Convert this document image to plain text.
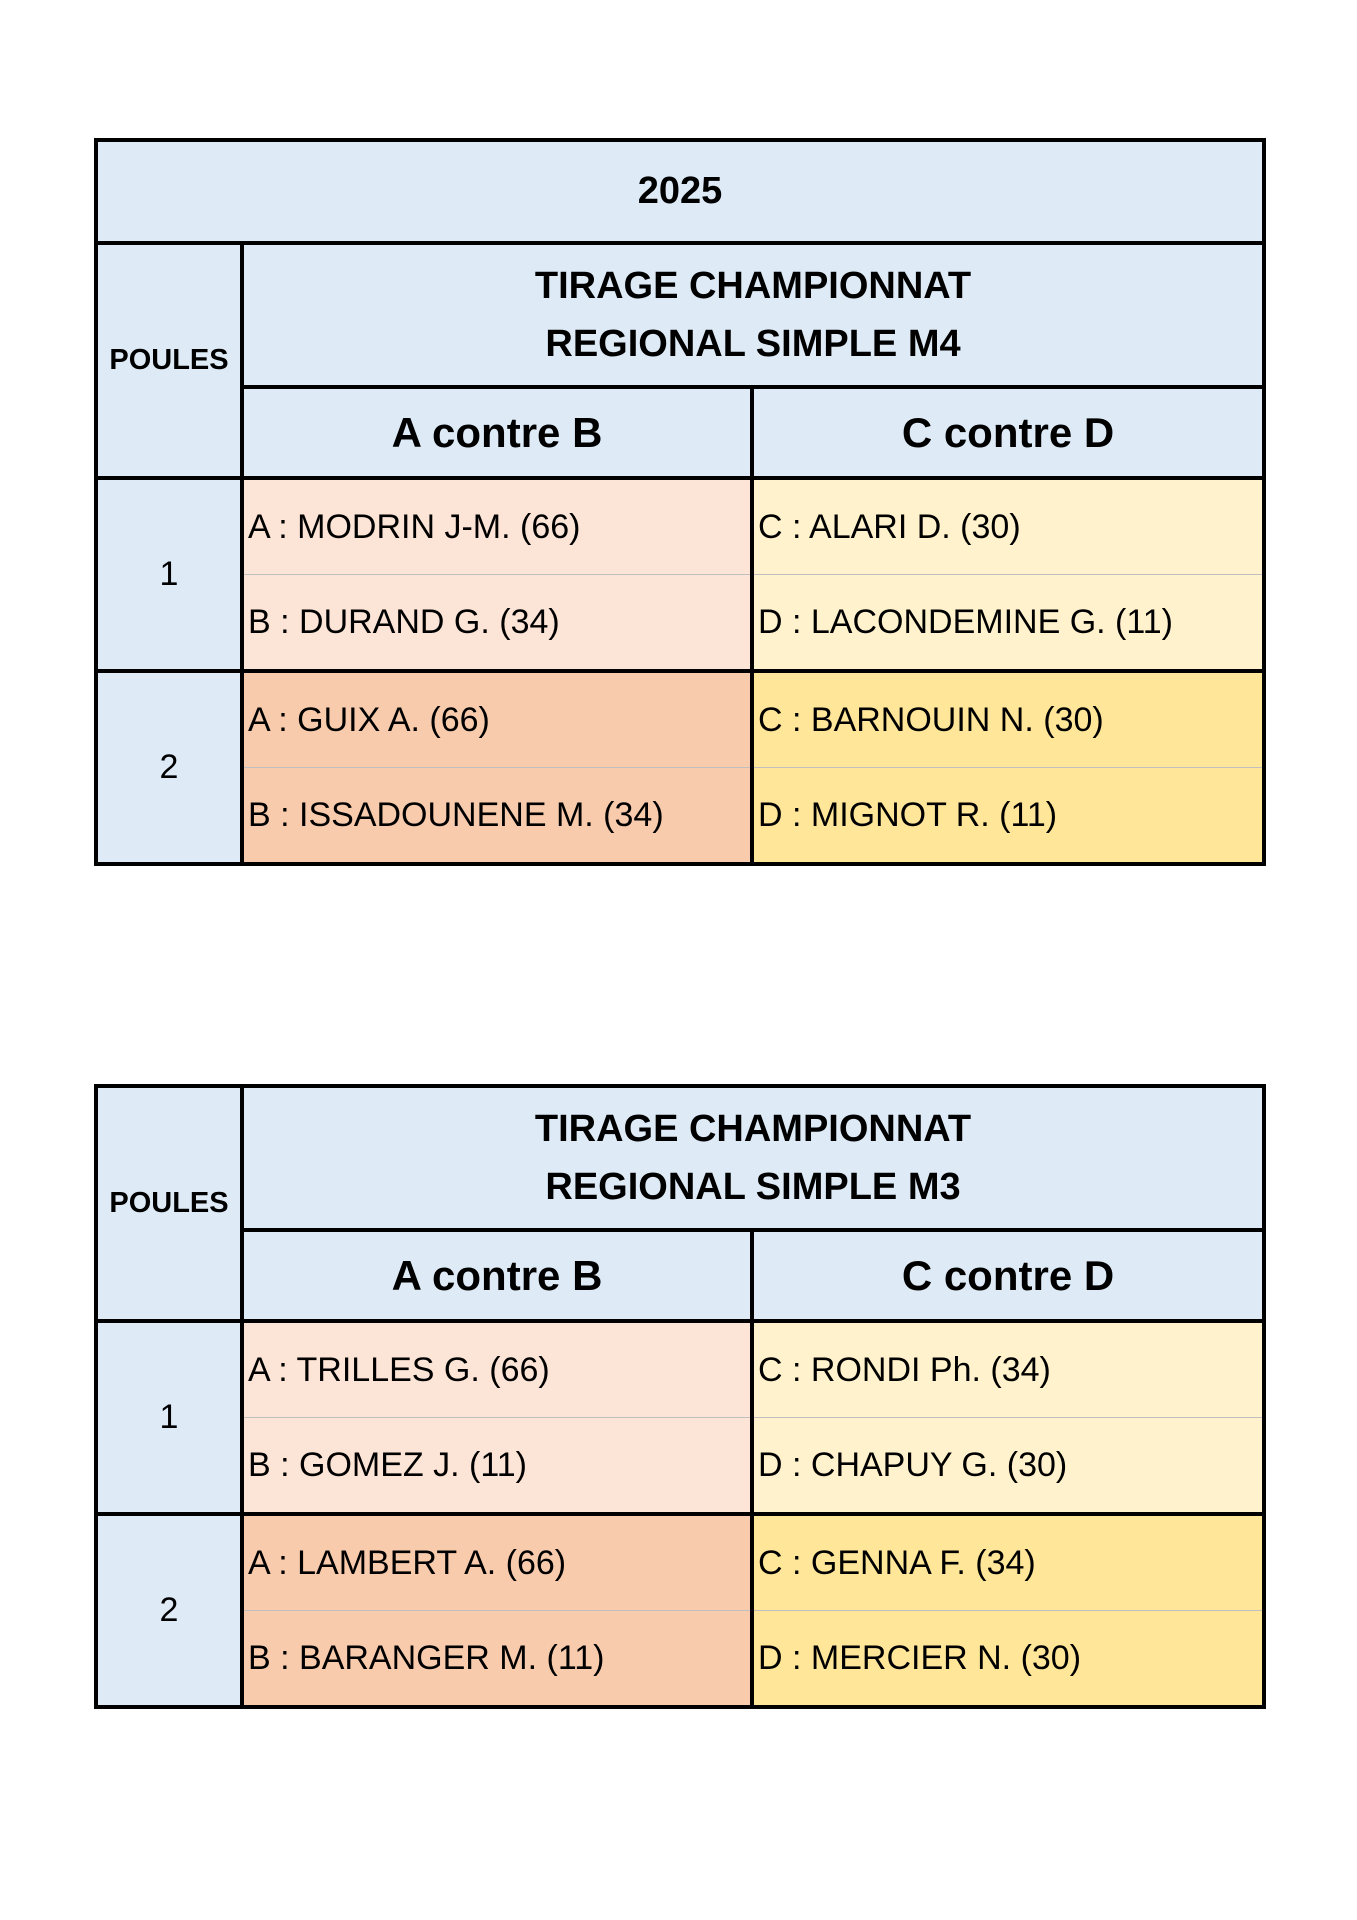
2025		
POULES	TIRAGE CHAMPIONNAT
REGIONAL SIMPLE M4	

	A contre B	C contre D
1	A : MODRIN J-M. (66)	C : ALARI D. (30)
	B : DURAND G. (34)	D : LACONDEMINE G. (11)
2	A : GUIX A. (66)	C : BARNOUIN N. (30)
	B : ISSADOUNENE M. (34)	D : MIGNOT R. (11)
POULES	TIRAGE CHAMPIONNAT
REGIONAL SIMPLE M3	

	A contre B	C contre D
1	A : TRILLES G. (66)	C : RONDI Ph. (34)
	B : GOMEZ J. (11)	D : CHAPUY G. (30)
2	A : LAMBERT A. (66)	C : GENNA F. (34)
	B : BARANGER M. (11)	D : MERCIER N. (30)
